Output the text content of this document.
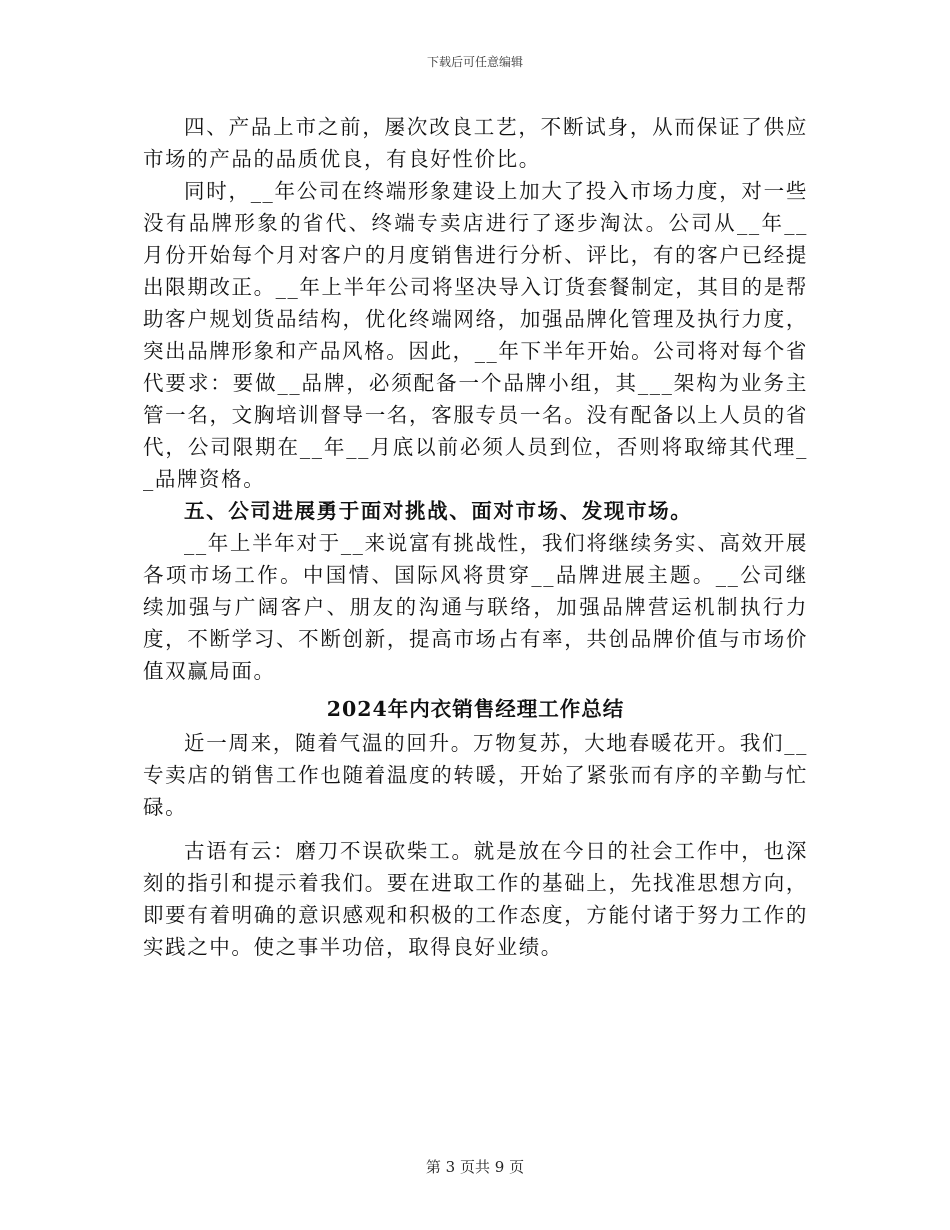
下载后可任意编辑

四、产品上市之前，屡次改良工艺，不断试身，从而保证了供应市场的产品的品质优良，有良好性价比。

同时，__年公司在终端形象建设上加大了投入市场力度，对一些没有品牌形象的省代、终端专卖店进行了逐步淘汰。公司从__年__月份开始每个月对客户的月度销售进行分析、评比，有的客户已经提出限期改正。__年上半年公司将坚决导入订货套餐制定，其目的是帮助客户规划货品结构，优化终端网络，加强品牌化管理及执行力度，突出品牌形象和产品风格。因此，__年下半年开始。公司将对每个省代要求：要做__品牌，必须配备一个品牌小组，其___架构为业务主管一名，文胸培训督导一名，客服专员一名。没有配备以上人员的省代，公司限期在__年__月底以前必须人员到位，否则将取缔其代理__品牌资格。

五、公司进展勇于面对挑战、面对市场、发现市场。

__年上半年对于__来说富有挑战性，我们将继续务实、高效开展各项市场工作。中国情、国际风将贯穿__品牌进展主题。__公司继续加强与广阔客户、朋友的沟通与联络，加强品牌营运机制执行力度，不断学习、不断创新，提高市场占有率，共创品牌价值与市场价值双赢局面。

2024年内衣销售经理工作总结

近一周来，随着气温的回升。万物复苏，大地春暖花开。我们__专卖店的销售工作也随着温度的转暖，开始了紧张而有序的辛勤与忙碌。

古语有云：磨刀不误砍柴工。就是放在今日的社会工作中，也深刻的指引和提示着我们。要在进取工作的基础上，先找准思想方向，即要有着明确的意识感观和积极的工作态度，方能付诸于努力工作的实践之中。使之事半功倍，取得良好业绩。

第 3 页共 9 页
